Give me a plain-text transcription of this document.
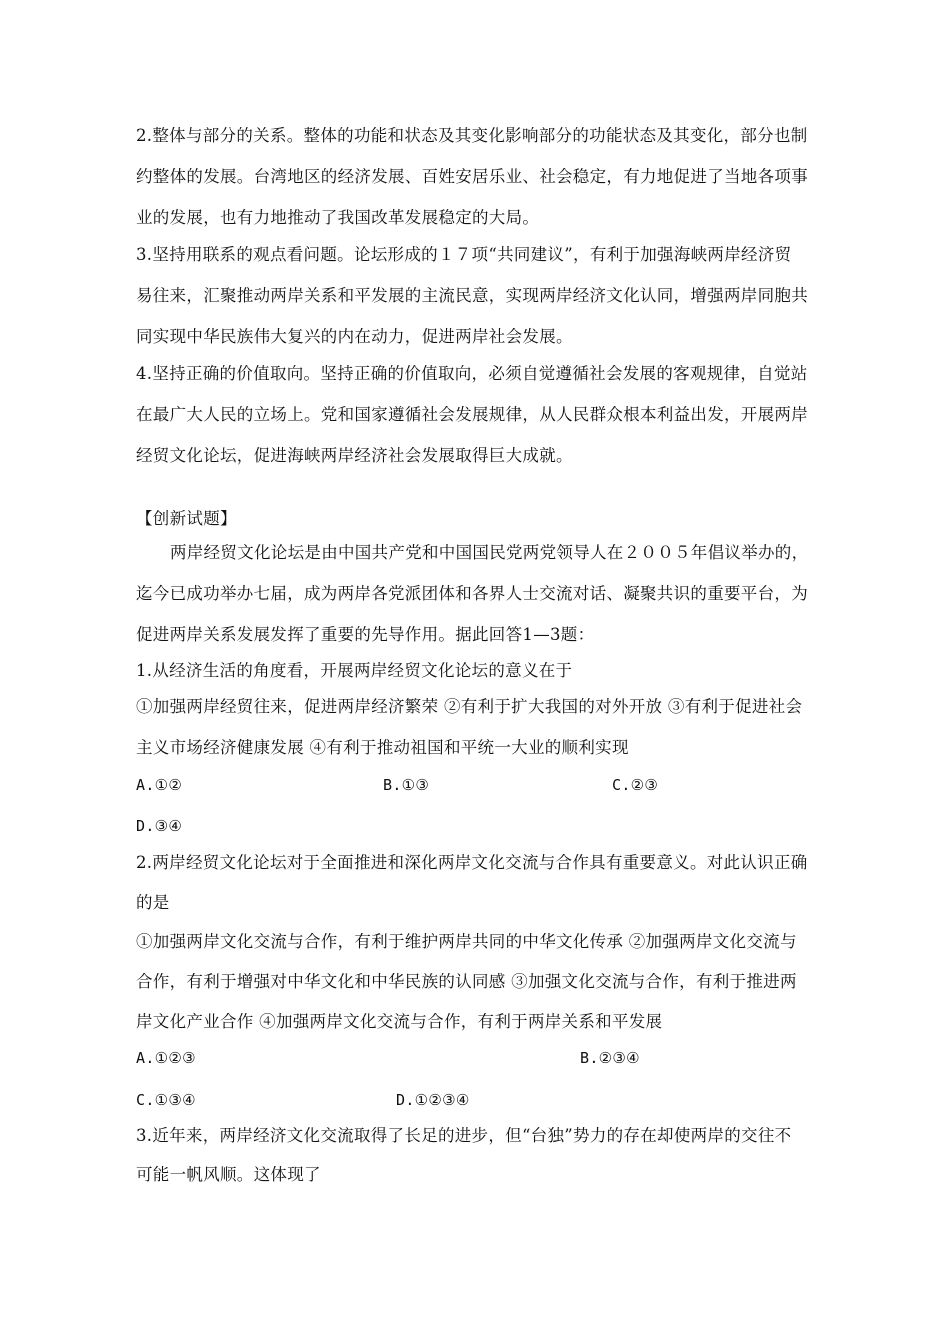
2.整体与部分的关系。整体的功能和状态及其变化影响部分的功能状态及其变化，部分也制
约整体的发展。台湾地区的经济发展、百姓安居乐业、社会稳定，有力地促进了当地各项事
业的发展，也有力地推动了我国改革发展稳定的大局。
3.坚持用联系的观点看问题。论坛形成的１７项“共同建议”，有利于加强海峡两岸经济贸
易往来，汇聚推动两岸关系和平发展的主流民意，实现两岸经济文化认同，增强两岸同胞共
同实现中华民族伟大复兴的内在动力，促进两岸社会发展。
4.坚持正确的价值取向。坚持正确的价值取向，必须自觉遵循社会发展的客观规律，自觉站
在最广大人民的立场上。党和国家遵循社会发展规律，从人民群众根本利益出发，开展两岸
经贸文化论坛，促进海峡两岸经济社会发展取得巨大成就。
【创新试题】
两岸经贸文化论坛是由中国共产党和中国国民党两党领导人在２００５年倡议举办的，
迄今已成功举办七届，成为两岸各党派团体和各界人士交流对话、凝聚共识的重要平台，为
促进两岸关系发展发挥了重要的先导作用。据此回答1—3题：
1.从经济生活的角度看，开展两岸经贸文化论坛的意义在于
①加强两岸经贸往来，促进两岸经济繁荣 ②有利于扩大我国的对外开放 ③有利于促进社会
主义市场经济健康发展 ④有利于推动祖国和平统一大业的顺利实现
A.①②	B.①③	C.②③
D.③④
2.两岸经贸文化论坛对于全面推进和深化两岸文化交流与合作具有重要意义。对此认识正确
的是
①加强两岸文化交流与合作，有利于维护两岸共同的中华文化传承 ②加强两岸文化交流与
合作，有利于增强对中华文化和中华民族的认同感 ③加强文化交流与合作，有利于推进两
岸文化产业合作 ④加强两岸文化交流与合作，有利于两岸关系和平发展
A.①②③	B.②③④
C.①③④	D.①②③④
3.近年来，两岸经济文化交流取得了长足的进步，但“台独”势力的存在却使两岸的交往不
可能一帆风顺。这体现了
